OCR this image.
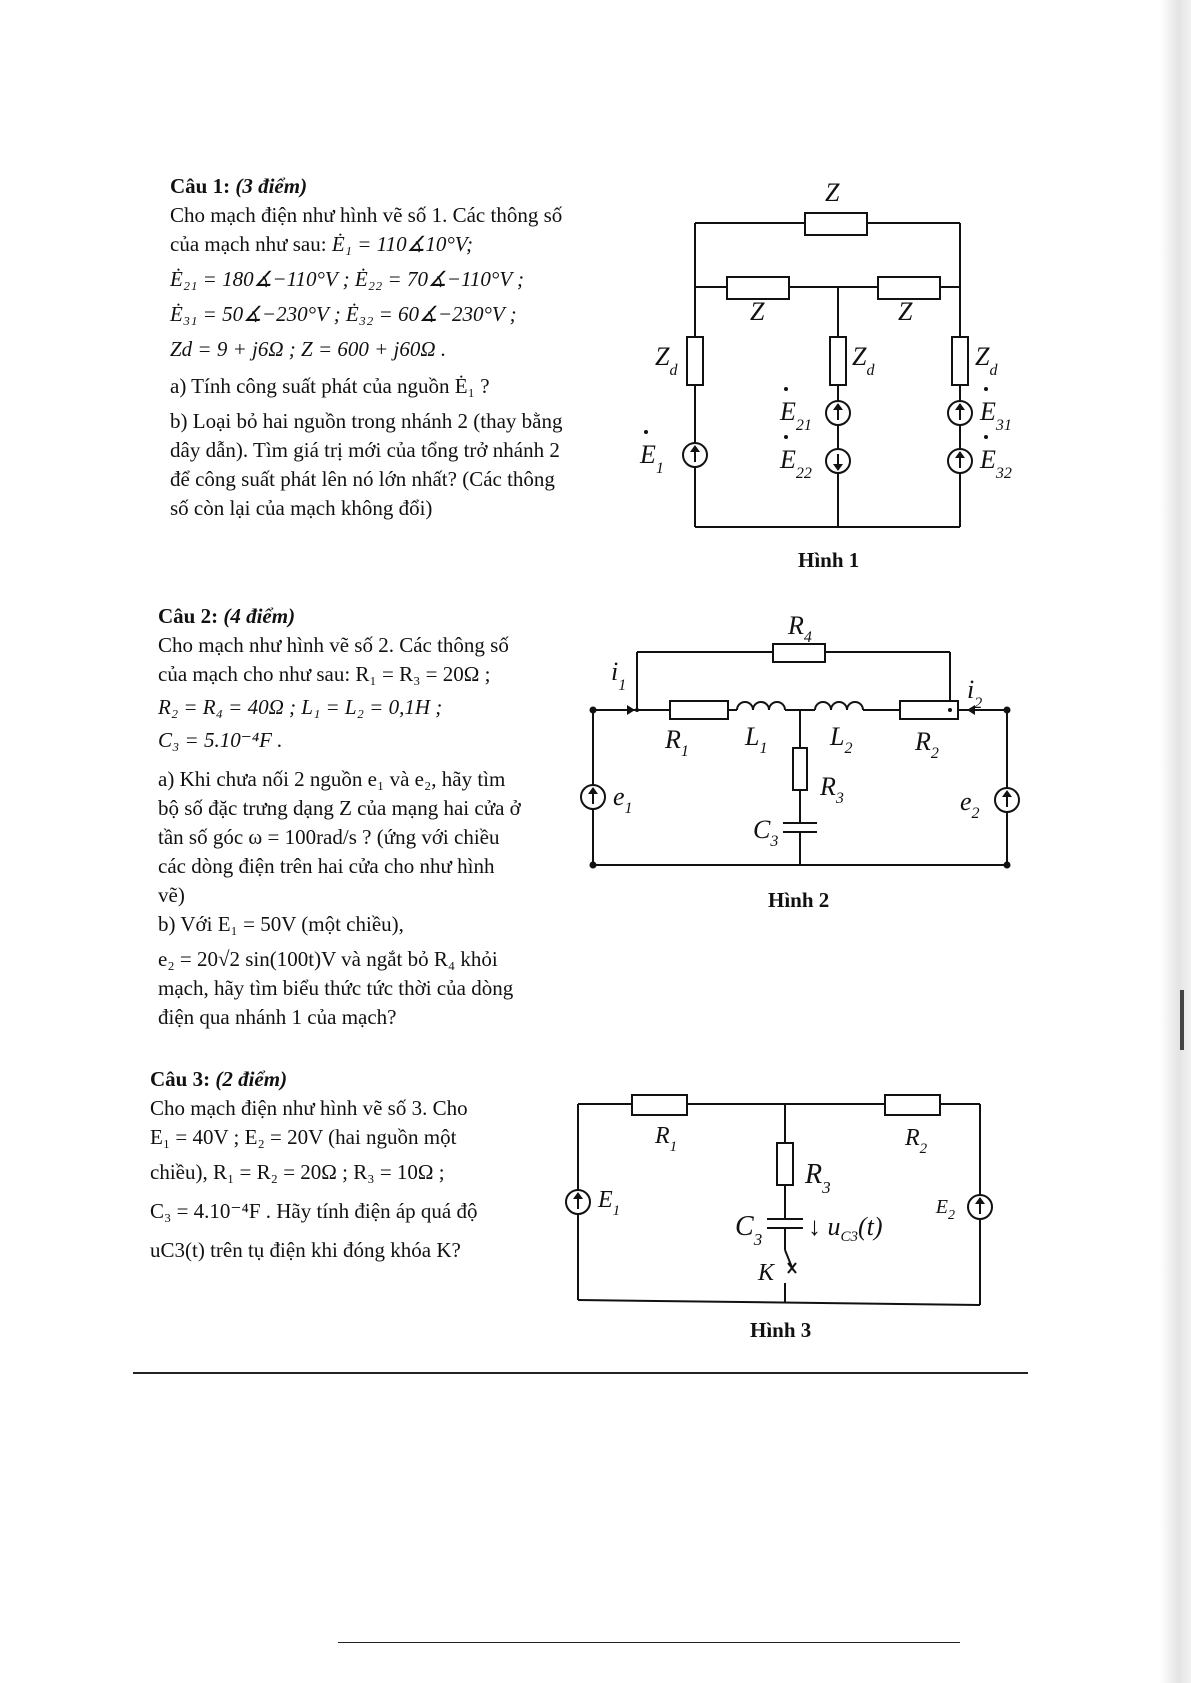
Câu 1: (3 điểm)

Cho mạch điện như hình vẽ số 1. Các thông số

của mạch như sau: Ė₁ = 110∡10°V;

Ė₂₁ = 180∡−110°V ; Ė₂₂ = 70∡−110°V ;

Ė₃₁ = 50∡−230°V ; Ė₃₂ = 60∡−230°V ;

Zd = 9 + j6Ω ; Z = 600 + j60Ω .

a) Tính công suất phát của nguồn Ė₁ ?

b) Loại bỏ hai nguồn trong nhánh 2 (thay bằng

dây dẫn). Tìm giá trị mới của tổng trở nhánh 2

để công suất phát lên nó lớn nhất? (Các thông

số còn lại của mạch không đổi)

Z
Z	Z
$Z_d$	$Z_d$	$Z_d$
$E_1$
$E_{21}$
$E_{22}$
$E_{31}$
$E_{32}$
Hình 1

Câu 2: (4 điểm)

Cho mạch như hình vẽ số 2. Các thông số

của mạch cho như sau: R₁ = R₃ = 20Ω ;

R₂ = R₄ = 40Ω ; L₁ = L₂ = 0,1H ;

C₃ = 5.10⁻⁴F .

a) Khi chưa nối 2 nguồn e₁ và e₂, hãy tìm

bộ số đặc trưng dạng Z của mạng hai cửa ở

tần số góc ω = 100rad/s ? (ứng với chiều

các dòng điện trên hai cửa cho như hình

vẽ)

b) Với E₁ = 50V (một chiều),

e₂ = 20√2 sin(100t)V và ngắt bỏ R₄ khỏi

mạch, hãy tìm biểu thức tức thời của dòng

điện qua nhánh 1 của mạch?

$R_4$
$R_1$
$L_1$ $L_2$ $R_2$
$R_3$
$C_3$
$i_1$	$i_2$
$e_1$	$e_2$
Hình 2

Câu 3: (2 điểm)

Cho mạch điện như hình vẽ số 3. Cho

E₁ = 40V ; E₂ = 20V (hai nguồn một

chiều), R₁ = R₂ = 20Ω ; R₃ = 10Ω ;

C₃ = 4.10⁻⁴F . Hãy tính điện áp quá độ

uC3(t) trên tụ điện khi đóng khóa K?

$R_1$	$R_2$
$R_3$
$C_3$
$E_1$	$E_2$
K
↓ $u_{C3}(t)$
Hình 3
